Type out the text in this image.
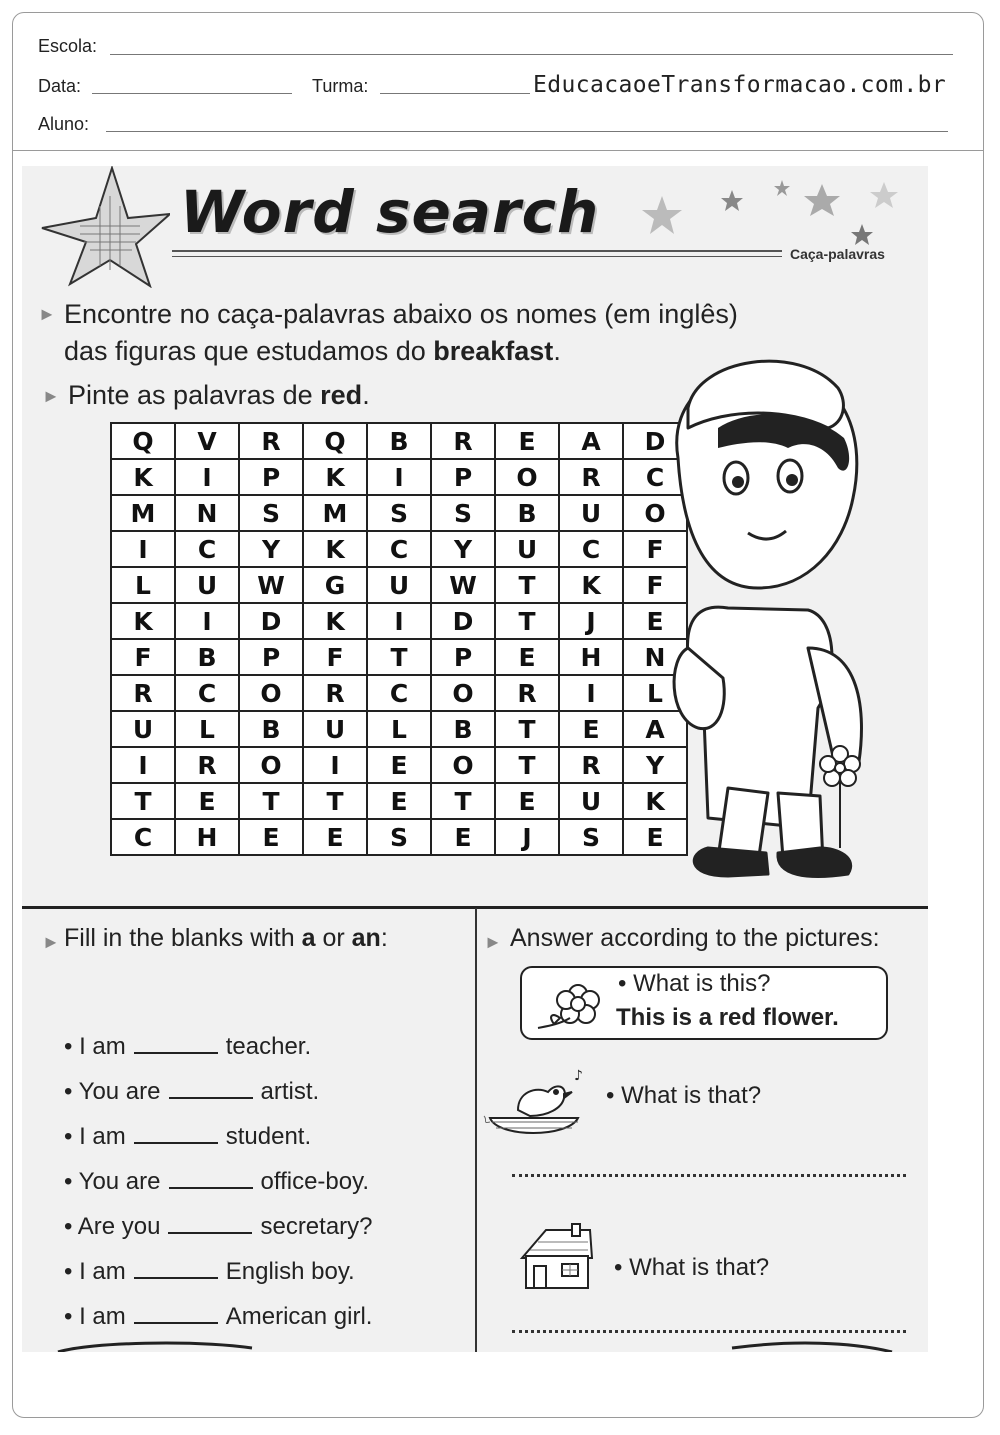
Escola:
Data:	Turma:	EducacaoeTransformacao.com.br
Aluno:
Word search
Caça-palavras
► Encontre no caça-palavras abaixo os nomes (em inglês)
das figuras que estudamos do breakfast.
► Pinte as palavras de red.
Q	V	R	Q	B	R	E	A	D
K	I	P	K	I	P	O	R	C
M	N	S	M	S	S	B	U	O
I	C	Y	K	C	Y	U	C	F
L	U	W	G	U	W	T	K	F
K	I	D	K	I	D	T	J	E
F	B	P	F	T	P	E	H	N
R	C	O	R	C	O	R	I	L
U	L	B	U	L	B	T	E	A
I	R	O	I	E	O	T	R	Y
T	E	T	T	E	T	E	U	K
C	H	E	E	S	E	J	S	E
► Fill in the blanks with a or an:
• I am	teacher.
• You are	artist.
• I am	student.
• You are	office-boy.
• Are you	secretary?
• I am	English boy.
• I am	American girl.
► Answer according to the pictures:
• What is this?
This is a red flower.
♪
• What is that?
• What is that?
